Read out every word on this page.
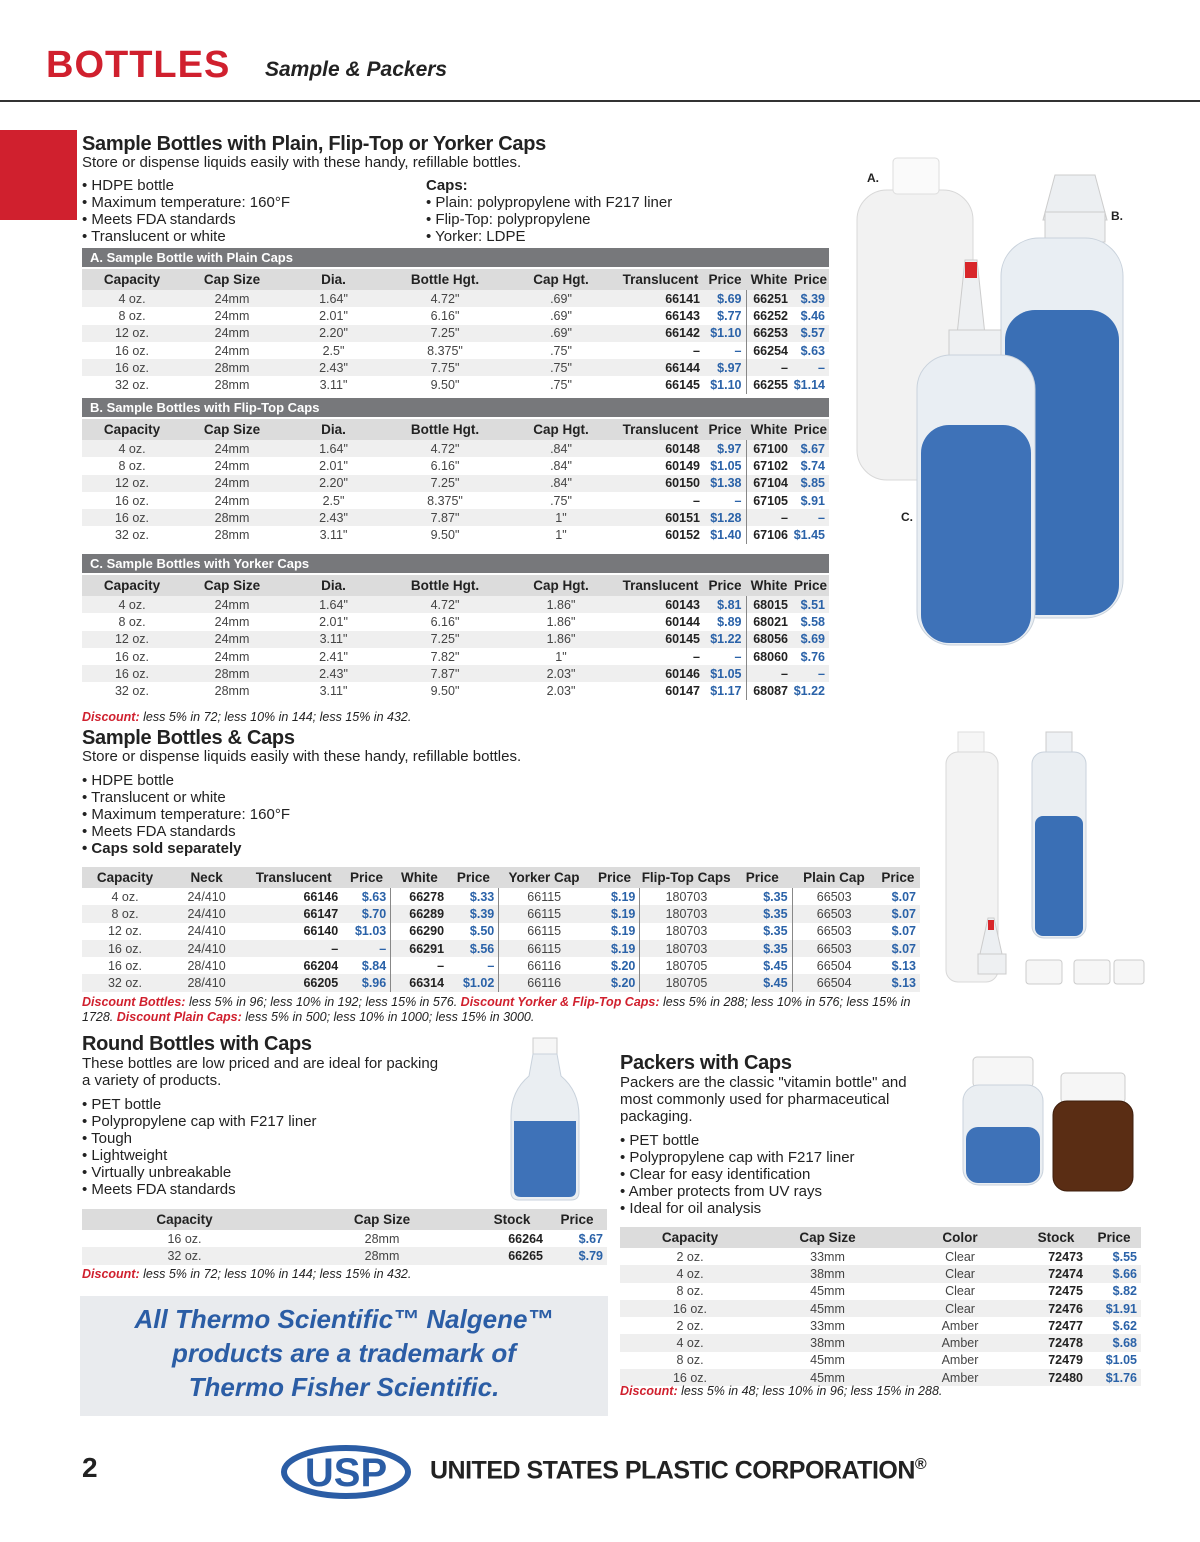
BOTTLES Sample & Packers
Sample Bottles with Plain, Flip-Top or Yorker Caps
Store or dispense liquids easily with these handy, refillable bottles.
• HDPE bottle
• Maximum temperature: 160°F
• Meets FDA standards
• Translucent or white
Caps:
• Plain: polypropylene with F217 liner
• Flip-Top: polypropylene
• Yorker: LDPE
A. Sample Bottle with Plain Caps								
Capacity	Cap Size	Dia.	Bottle Hgt.	Cap Hgt.	Translucent	Price	White	Price
4 oz.	24mm	1.64"	4.72"	.69"	66141	$.69	66251	$.39
8 oz.	24mm	2.01"	6.16"	.69"	66143	$.77	66252	$.46
12 oz.	24mm	2.20"	7.25"	.69"	66142	$1.10	66253	$.57
16 oz.	24mm	2.5"	8.375"	.75"	–	–	66254	$.63
16 oz.	28mm	2.43"	7.75"	.75"	66144	$.97	–	–
32 oz.	28mm	3.11"	9.50"	.75"	66145	$1.10	66255	$1.14
B. Sample Bottles with Flip-Top Caps								
Capacity	Cap Size	Dia.	Bottle Hgt.	Cap Hgt.	Translucent	Price	White	Price
4 oz.	24mm	1.64"	4.72"	.84"	60148	$.97	67100	$.67
8 oz.	24mm	2.01"	6.16"	.84"	60149	$1.05	67102	$.74
12 oz.	24mm	2.20"	7.25"	.84"	60150	$1.38	67104	$.85
16 oz.	24mm	2.5"	8.375"	.75"	–	–	67105	$.91
16 oz.	28mm	2.43"	7.87"	1"	60151	$1.28	–	–
32 oz.	28mm	3.11"	9.50"	1"	60152	$1.40	67106	$1.45
C. Sample Bottles with Yorker Caps								
Capacity	Cap Size	Dia.	Bottle Hgt.	Cap Hgt.	Translucent	Price	White	Price
4 oz.	24mm	1.64"	4.72"	1.86"	60143	$.81	68015	$.51
8 oz.	24mm	2.01"	6.16"	1.86"	60144	$.89	68021	$.58
12 oz.	24mm	3.11"	7.25"	1.86"	60145	$1.22	68056	$.69
16 oz.	24mm	2.41"	7.82"	1"	–	–	68060	$.76
16 oz.	28mm	2.43"	7.87"	2.03"	60146	$1.05	–	–
32 oz.	28mm	3.11"	9.50"	2.03"	60147	$1.17	68087	$1.22
Discount: less 5% in 72; less 10% in 144; less 15% in 432.
A.
B.
C.
Sample Bottles & Caps
Store or dispense liquids easily with these handy, refillable bottles.
• HDPE bottle
• Translucent or white
• Maximum temperature: 160°F
• Meets FDA standards
• Caps sold separately
Capacity	Neck	Translucent	Price	White	Price	Yorker Cap	Price	Flip-Top Caps	Price	Plain Cap	Price
4 oz.	24/410	66146	$.63	66278	$.33	66115	$.19	180703	$.35	66503	$.07
8 oz.	24/410	66147	$.70	66289	$.39	66115	$.19	180703	$.35	66503	$.07
12 oz.	24/410	66140	$1.03	66290	$.50	66115	$.19	180703	$.35	66503	$.07
16 oz.	24/410	–	–	66291	$.56	66115	$.19	180703	$.35	66503	$.07
16 oz.	28/410	66204	$.84	–	–	66116	$.20	180705	$.45	66504	$.13
32 oz.	28/410	66205	$.96	66314	$1.02	66116	$.20	180705	$.45	66504	$.13
Discount Bottles: less 5% in 96; less 10% in 192; less 15% in 576. Discount Yorker & Flip-Top Caps: less 5% in 288; less 10% in 576; less 15% in 1728. Discount Plain Caps: less 5% in 500; less 10% in 1000; less 15% in 3000.
Round Bottles with Caps
These bottles are low priced and are ideal for packing
a variety of products.
• PET bottle
• Polypropylene cap with F217 liner
• Tough
• Lightweight
• Virtually unbreakable
• Meets FDA standards
Capacity	Cap Size	Stock	Price
16 oz.	28mm	66264	$.67
32 oz.	28mm	66265	$.79
Discount: less 5% in 72; less 10% in 144; less 15% in 432.
All Thermo Scientific™ Nalgene™
products are a trademark of
Thermo Fisher Scientific.
Packers with Caps
Packers are the classic "vitamin bottle" and
most commonly used for pharmaceutical
packaging.
• PET bottle
• Polypropylene cap with F217 liner
• Clear for easy identification
• Amber protects from UV rays
• Ideal for oil analysis
Capacity	Cap Size	Color	Stock	Price
2 oz.	33mm	Clear	72473	$.55
4 oz.	38mm	Clear	72474	$.66
8 oz.	45mm	Clear	72475	$.82
16 oz.	45mm	Clear	72476	$1.91
2 oz.	33mm	Amber	72477	$.62
4 oz.	38mm	Amber	72478	$.68
8 oz.	45mm	Amber	72479	$1.05
16 oz.	45mm	Amber	72480	$1.76
Discount: less 5% in 48; less 10% in 96; less 15% in 288.
2	USP UNITED STATES PLASTIC CORPORATION®
